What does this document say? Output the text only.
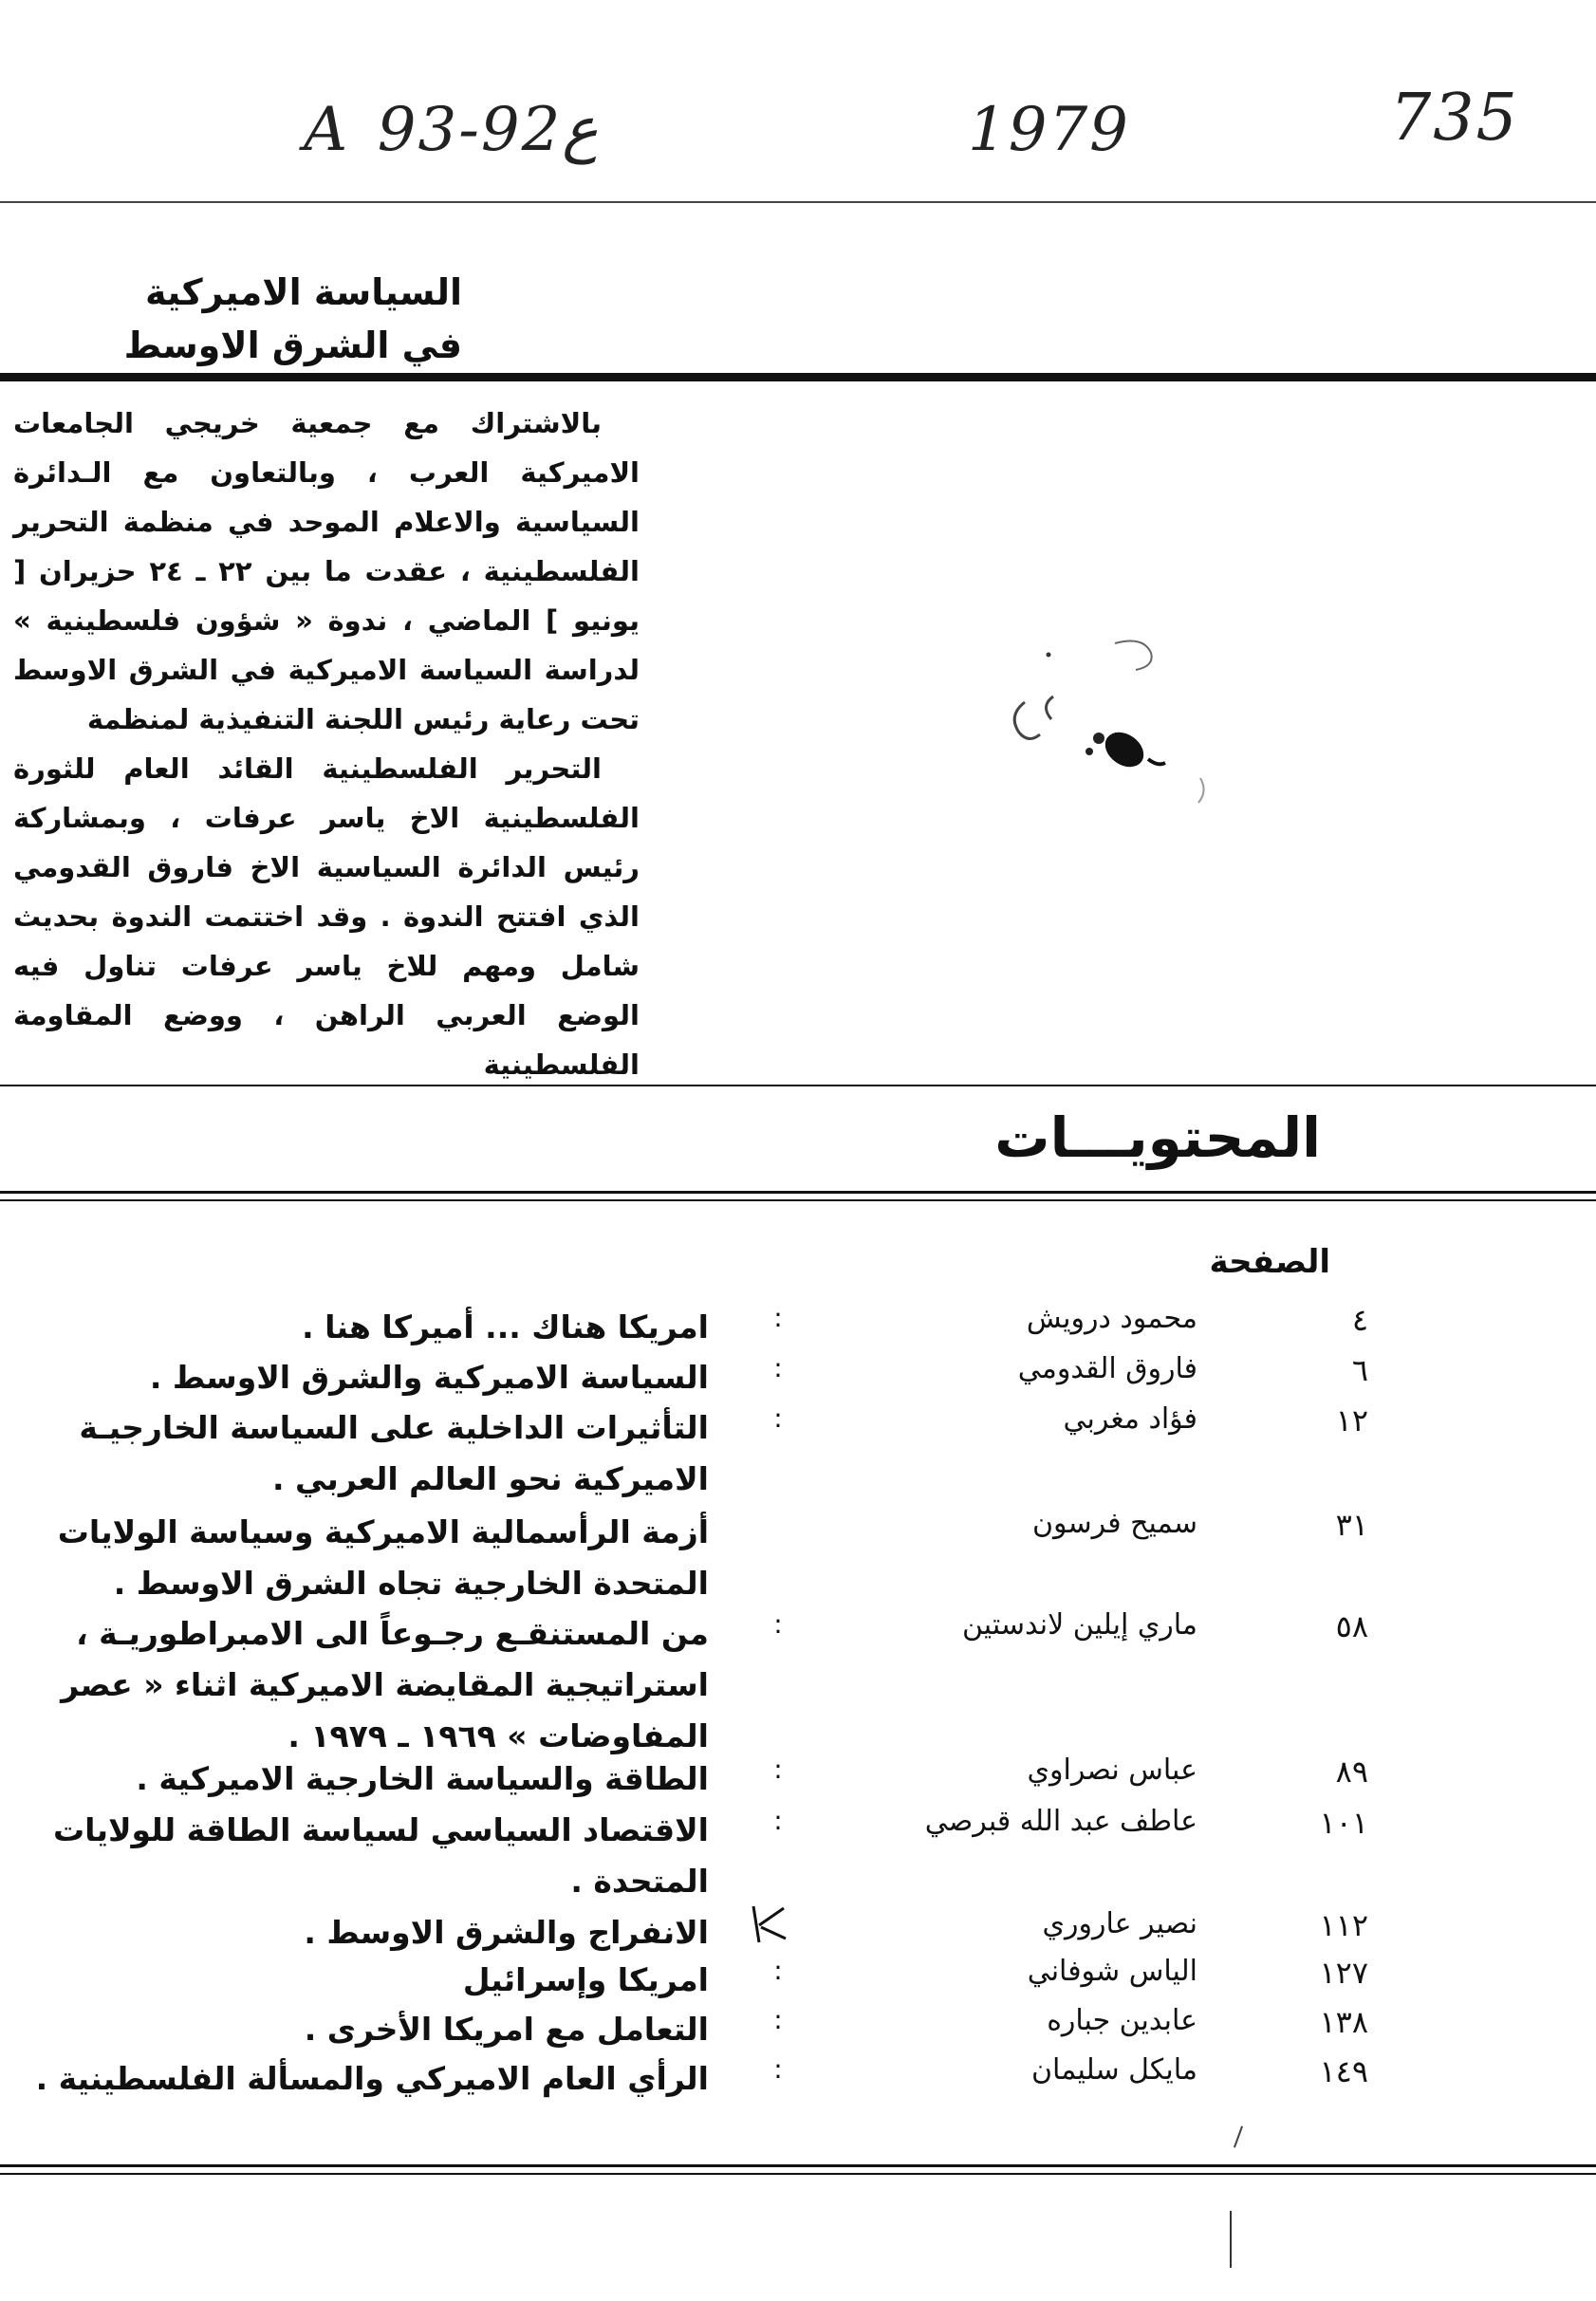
A  93-92ع	1979	735
السياسة الاميركية
في الشرق الاوسط

بالاشتراك مع جمعية خريجي الجامعات الاميركية العرب ، وبالتعاون مع الـدائرة السياسية والاعلام الموحد في منظمة التحرير الفلسطينية ، عقدت ما بين ٢٢ ـ ٢٤ حزيران [ يونيو ] الماضي ، ندوة « شؤون فلسطينية » لدراسة السياسة الاميركية في الشرق الاوسط تحت رعاية رئيس اللجنة التنفيذية لمنظمة

التحرير الفلسطينية القائد العام للثورة الفلسطينية الاخ ياسر عرفات ، وبمشاركة رئيس الدائرة السياسية الاخ فاروق القدومي الذي افتتح الندوة . وقد اختتمت الندوة بحديث شامل ومهم للاخ ياسر عرفات تناول فيه الوضع العربي الراهن ، ووضع المقاومة الفلسطينية

المحتويـــات
الصفحة
٤
محمود درويش
:
امريكا هناك ... أميركا هنا .
٦
فاروق القدومي
:
السياسة الاميركية والشرق الاوسط .
١٢
فؤاد مغربي
:
التأثيرات الداخلية على السياسة الخارجيـة
الاميركية نحو العالم العربي .
٣١
سميح فرسون
أزمة الرأسمالية الاميركية وسياسة الولايات
المتحدة الخارجية تجاه الشرق الاوسط .
٥٨
ماري إيلين لاندستين
:
من المستنقـع رجـوعاً الى الامبراطوريـة ،
استراتيجية المقايضة الاميركية اثناء « عصر
المفاوضات » ١٩٦٩ ـ ١٩٧٩ .
٨٩
عباس نصراوي
:
الطاقة والسياسة الخارجية الاميركية .
١٠١
عاطف عبد الله قبرصي
:
الاقتصاد السياسي لسياسة الطاقة للولايات
المتحدة .
١١٢
نصير عاروري
الانفراج والشرق الاوسط .
١٢٧
الياس شوفاني
:
امريكا وإسرائيل
١٣٨
عابدين جباره
:
التعامل مع امريكا الأخرى .
١٤٩
مايكل سليمان
:
الرأي العام الاميركي والمسألة الفلسطينية .
